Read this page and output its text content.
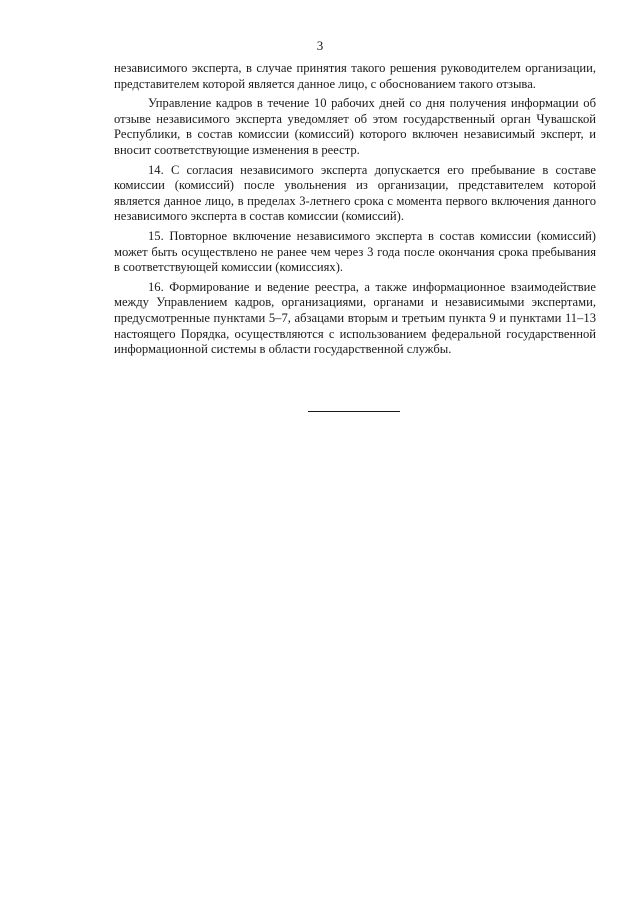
3

независимого эксперта, в случае принятия такого решения руководителем организации, представителем которой является данное лицо, с обоснованием такого отзыва.

Управление кадров в течение 10 рабочих дней со дня получения информации об отзыве независимого эксперта уведомляет об этом государственный орган Чувашской Республики, в состав комиссии (комиссий) которого включен независимый эксперт, и вносит соответствующие изменения в реестр.

14. С согласия независимого эксперта допускается его пребывание в составе комиссии (комиссий) после увольнения из организации, представителем которой является данное лицо, в пределах 3-летнего срока с момента первого включения данного независимого эксперта в состав комиссии (комиссий).

15. Повторное включение независимого эксперта в состав комиссии (комиссий) может быть осуществлено не ранее чем через 3 года после окончания срока пребывания в соответствующей комиссии (комиссиях).

16. Формирование и ведение реестра, а также информационное взаимодействие между Управлением кадров, организациями, органами и независимыми экспертами, предусмотренные пунктами 5–7, абзацами вторым и третьим пункта 9 и пунктами 11–13 настоящего Порядка, осуществляются с использованием федеральной государственной информационной системы в области государственной службы.
